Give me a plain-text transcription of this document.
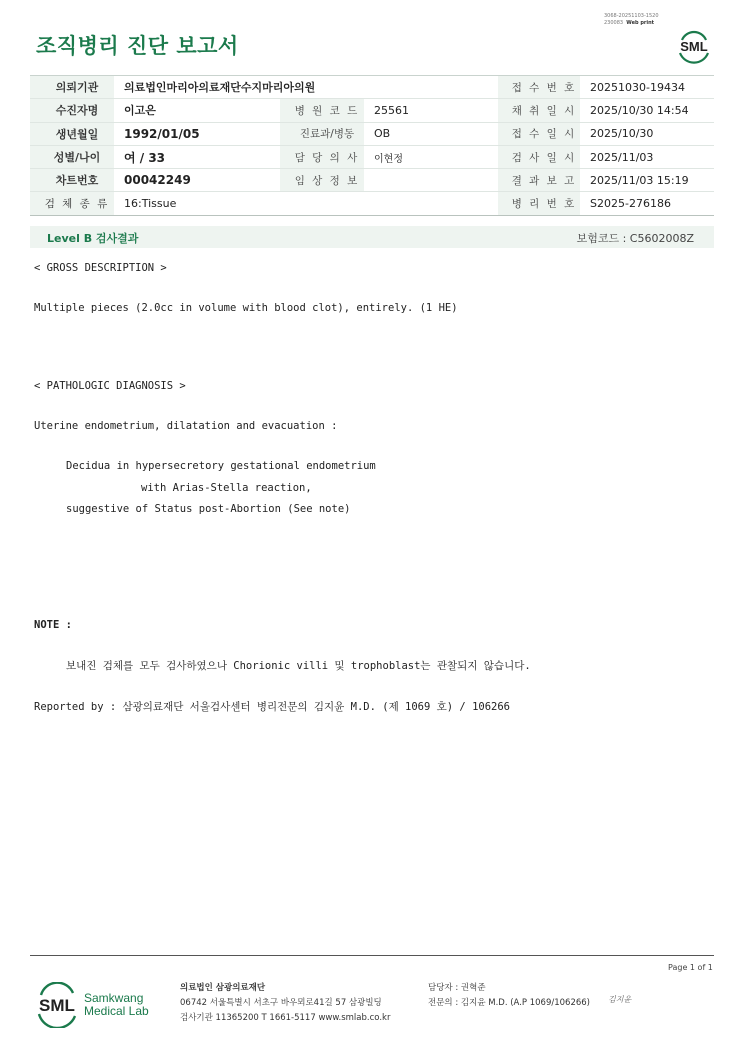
조직병리 진단 보고서
3068-20251103-1520
230083 Web print
SML
의뢰기관	의료법인마리아의료재단수지마리아의원			접 수 번 호	20251030-19434
수진자명	이고은	병 원 코 드	25561	채 취 일 시	2025/10/30 14:54
생년월일	1992/01/05	진료과/병동	OB	접 수 일 시	2025/10/30
성별/나이	여 / 33	담 당 의 사	이현정	검 사 일 시	2025/11/03
차트번호	00042249	임 상 정 보		결 과 보 고	2025/11/03 15:19
검 체 종 류	16:Tissue			병 리 번 호	S2025-276186
Level B 검사결과	보험코드 : C5602008Z
< GROSS DESCRIPTION >
Multiple pieces (2.0cc in volume with blood clot), entirely. (1 HE)
< PATHOLOGIC DIAGNOSIS >
Uterine endometrium, dilatation and evacuation :
Decidua in hypersecretory gestational endometrium
with Arias-Stella reaction,
suggestive of Status post-Abortion (See note)
NOTE :
보내진 검체를 모두 검사하였으나 Chorionic villi 및 trophoblast는 관찰되지 않습니다.
Reported by : 삼광의료재단 서울검사센터 병리전문의 김지윤 M.D. (제 1069 호) / 106266
Page 1 of 1
SML Samkwang
Medical Lab
의료법인 삼광의료재단
06742 서울특별시 서초구 바우뫼로41길 57 삼광빌딩
검사기관 11365200 T 1661-5117 www.smlab.co.kr
담당자 : 권혁준
전문의 : 김지윤 M.D. (A.P 1069/106266) 김지윤
